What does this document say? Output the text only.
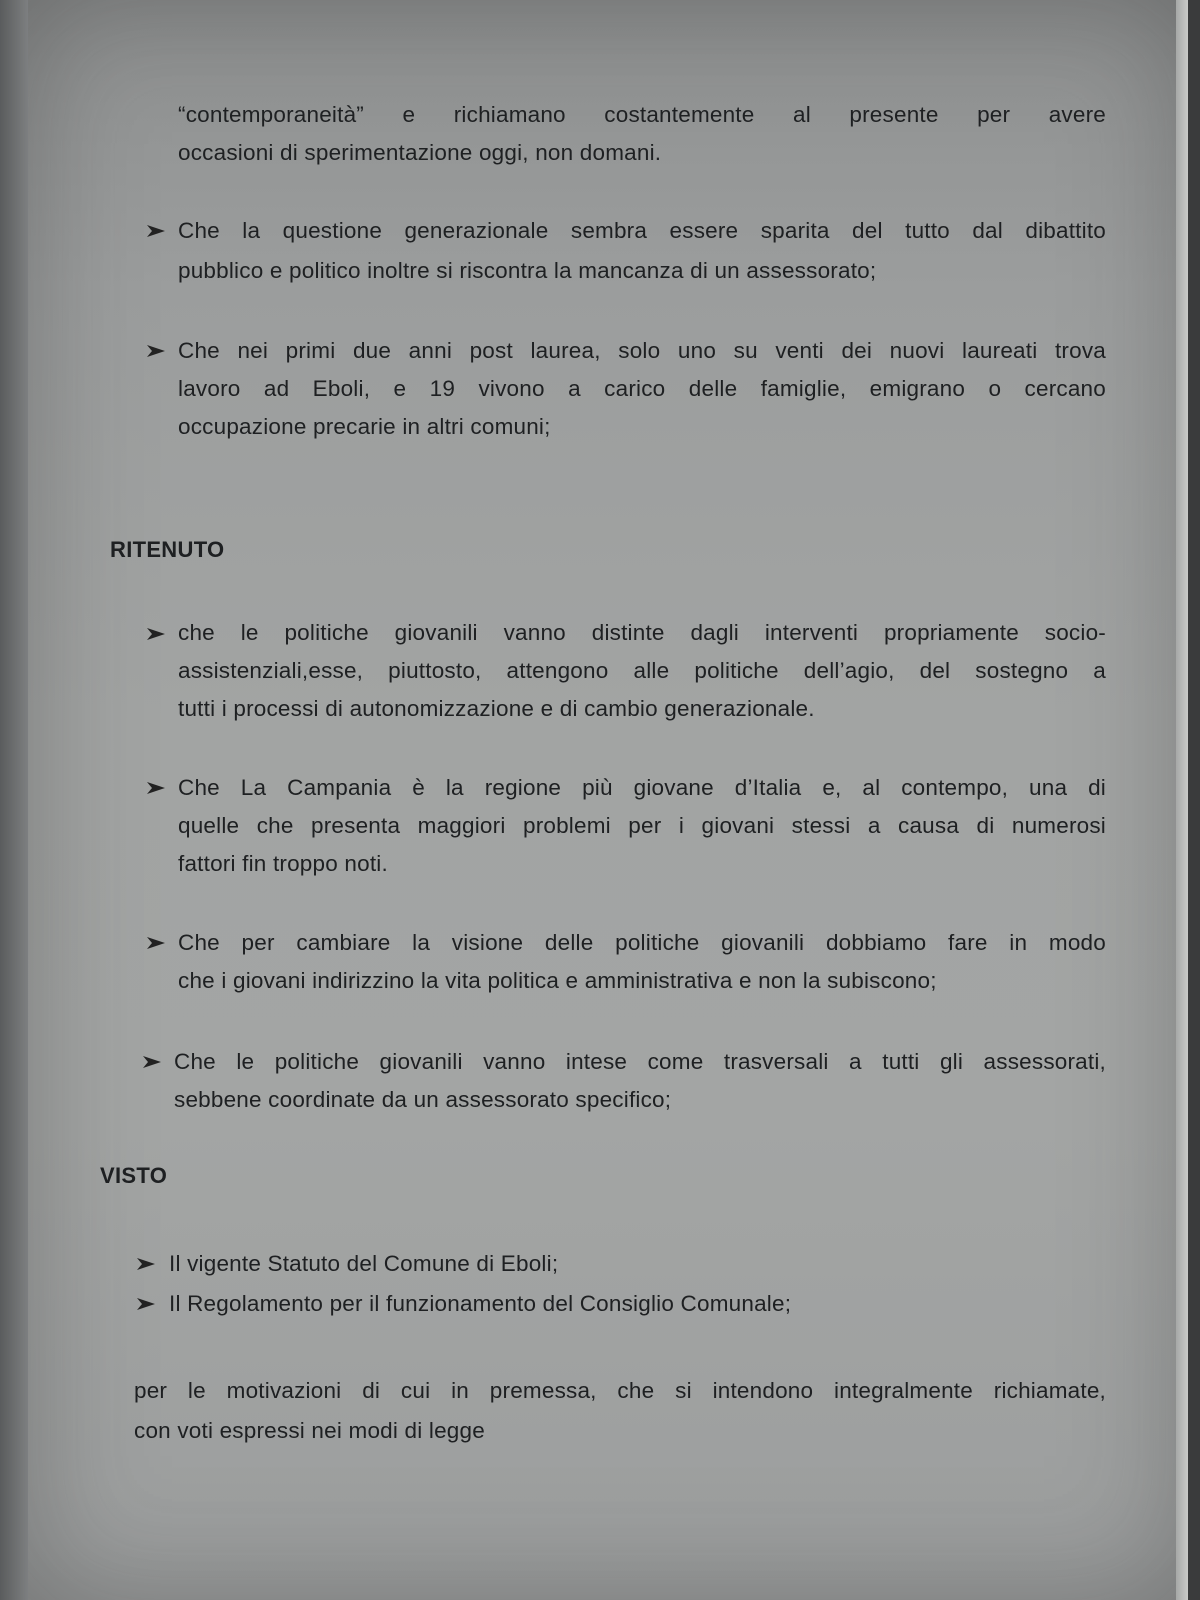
“contemporaneità” e richiamano costantemente al presente per avere
occasioni di sperimentazione oggi, non domani.
Che la questione generazionale sembra essere sparita del tutto dal dibattito
pubblico e politico inoltre si riscontra la mancanza di un assessorato;
Che nei primi due anni post laurea, solo uno su venti dei nuovi laureati trova
lavoro ad Eboli, e 19 vivono a carico delle famiglie, emigrano o cercano
occupazione precarie in altri comuni;
RITENUTO
che le politiche giovanili vanno distinte dagli interventi propriamente socio-
assistenziali,esse, piuttosto, attengono alle politiche dell’agio, del sostegno a
tutti i processi di autonomizzazione e di cambio generazionale.
Che La Campania è la regione più giovane d’Italia e, al contempo, una di
quelle che presenta maggiori problemi per i giovani stessi a causa di numerosi
fattori fin troppo noti.
Che per cambiare la visione delle politiche giovanili dobbiamo fare in modo
che i giovani indirizzino la vita politica e amministrativa e non la subiscono;
Che le politiche giovanili vanno intese come trasversali a tutti gli assessorati,
sebbene coordinate da un assessorato specifico;
VISTO
Il vigente Statuto del Comune di Eboli;
Il Regolamento per il funzionamento del Consiglio Comunale;
per le motivazioni di cui in premessa, che si intendono integralmente richiamate,
con voti espressi nei modi di legge
